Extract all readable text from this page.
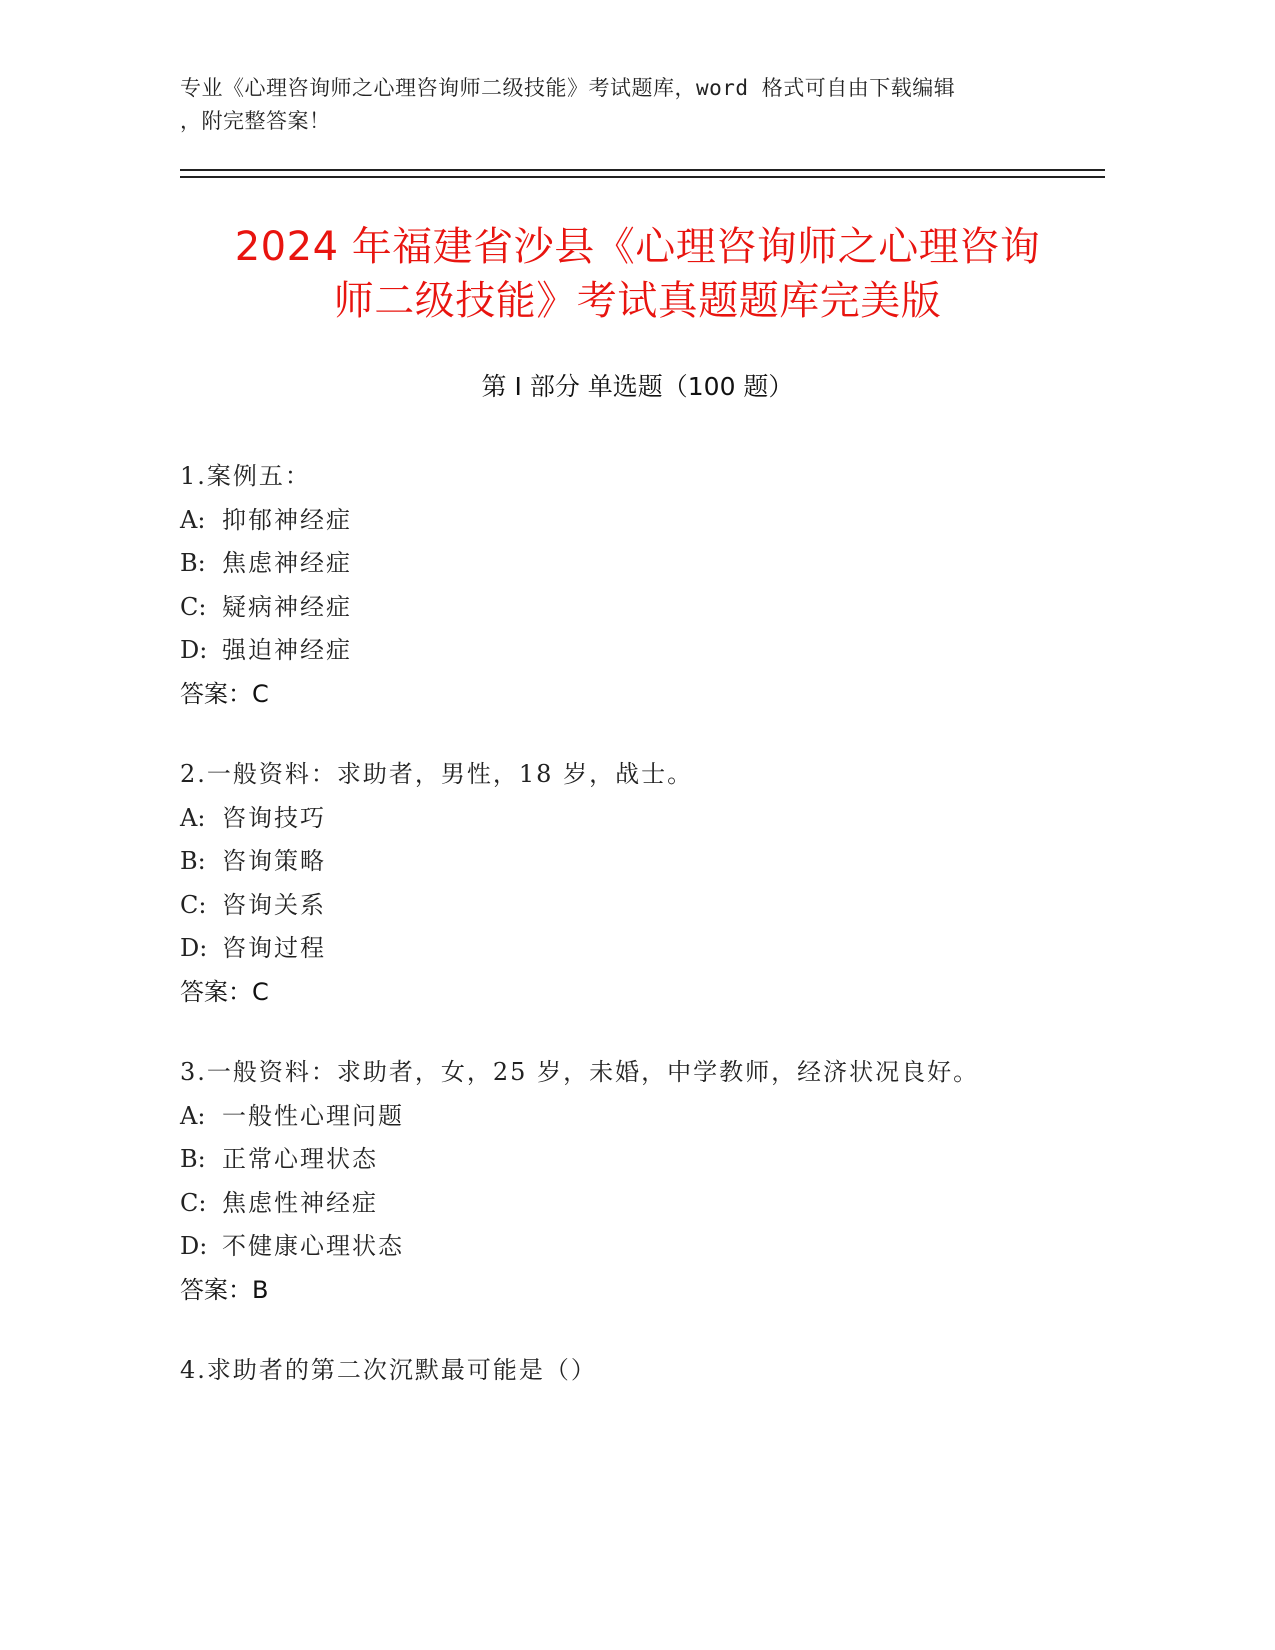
专业《心理咨询师之心理咨询师二级技能》考试题库，word 格式可自由下载编辑
，附完整答案！
2024 年福建省沙县《心理咨询师之心理咨询
师二级技能》考试真题题库完美版
第 I 部分 单选题（100 题）
1.案例五：
A: 抑郁神经症
B: 焦虑神经症
C: 疑病神经症
D: 强迫神经症
答案：C
2.一般资料：求助者，男性，18 岁，战士。
A: 咨询技巧
B: 咨询策略
C: 咨询关系
D: 咨询过程
答案：C
3.一般资料：求助者，女，25 岁，未婚，中学教师，经济状况良好。
A: 一般性心理问题
B: 正常心理状态
C: 焦虑性神经症
D: 不健康心理状态
答案：B
4.求助者的第二次沉默最可能是（）
